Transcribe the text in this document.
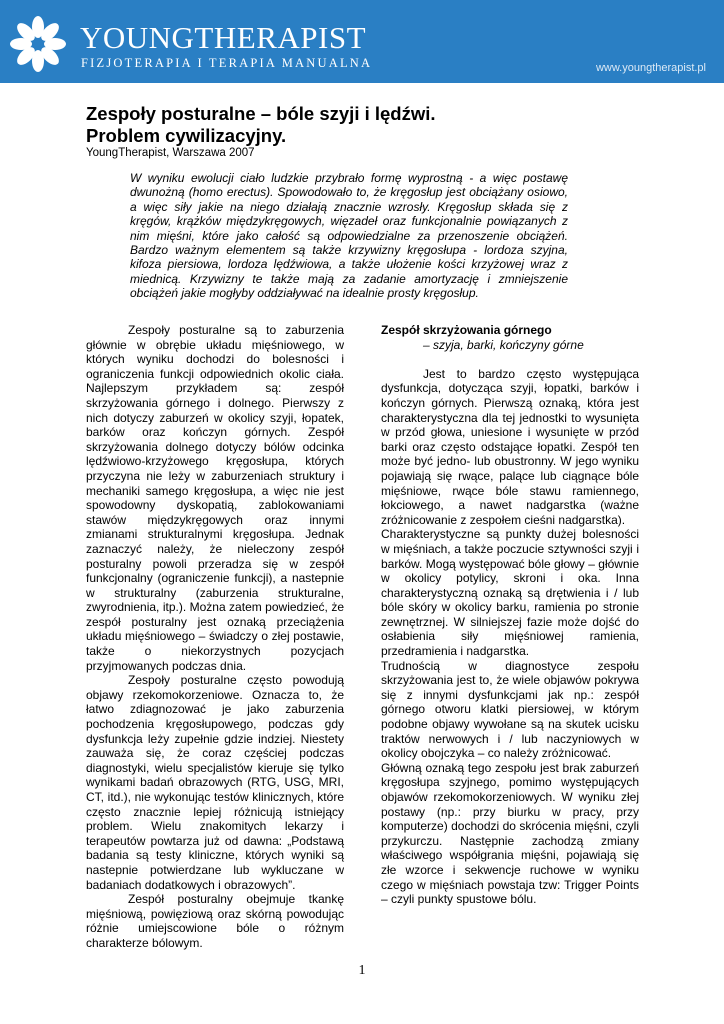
YOUNGTHERAPIST

FIZJOTERAPIA I TERAPIA MANUALNA	www.youngtherapist.pl

Zespoły posturalne – bóle szyji i lędźwi.
Problem cywilizacyjny.

YoungTherapist, Warszawa 2007

W wyniku ewolucji ciało ludzkie przybrało formę wyprostną - a więc postawę dwunożną (homo erectus). Spowodowało to, że kręgosłup jest obciążany osiowo, a więc siły jakie na niego działają znacznie wzrosły. Kręgosłup składa się z kręgów, krążków międzykręgowych, więzadeł oraz funkcjonalnie powiązanych z nim mięśni, które jako całość są odpowiedzialne za przenoszenie obciążeń. Bardzo ważnym elementem są także krzywizny kręgosłupa - lordoza szyjna, kifoza piersiowa, lordoza lędźwiowa, a także ułożenie kości krzyżowej wraz z miednicą. Krzywizny te także mają za zadanie amortyzację i zmniejszenie obciążeń jakie mogłyby oddziaływać na idealnie prosty kręgosłup.

Zespoły posturalne są to zaburzenia głównie w obrębie układu mięśniowego, w których wyniku dochodzi do bolesności i ograniczenia funkcji odpowiednich okolic ciała. Najlepszym przykładem są: zespół skrzyżowania górnego i dolnego. Pierwszy z nich dotyczy zaburzeń w okolicy szyji, łopatek, barków oraz kończyn górnych. Zespół skrzyżowania dolnego dotyczy bólów odcinka lędźwiowo-krzyżowego kręgosłupa, których przyczyna nie leży w zaburzeniach struktury i mechaniki samego kręgosłupa, a więc nie jest spowodowny dyskopatią, zablokowaniami stawów międzykręgowych oraz innymi zmianami strukturalnymi kręgosłupa. Jednak zaznaczyć należy, że nieleczony zespół posturalny powoli przeradza się w zespół funkcjonalny (ograniczenie funkcji), a nastepnie w strukturalny (zaburzenia strukturalne, zwyrodnienia, itp.). Można zatem powiedzieć, że zespół posturalny jest oznaką przeciążenia układu mięśniowego – świadczy o złej postawie, także o niekorzystnych pozycjach przyjmowanych podczas dnia.

Zespoły posturalne często powodują objawy rzekomokorzeniowe. Oznacza to, że łatwo zdiagnozować je jako zaburzenia pochodzenia kręgosłupowego, podczas gdy dysfunkcja leży zupełnie gdzie indziej. Niestety zauważa się, że coraz częściej podczas diagnostyki, wielu specjalistów kieruje się tylko wynikami badań obrazowych (RTG, USG, MRI, CT, itd.), nie wykonując testów klinicznych, które często znacznie lepiej różnicują istniejący problem. Wielu znakomitych lekarzy i terapeutów powtarza już od dawna: „Podstawą badania są testy kliniczne, których wyniki są nastepnie potwierdzane lub wykluczane w badaniach dodatkowych i obrazowych”.

Zespół posturalny obejmuje tkankę mięśniową, powięziową oraz skórną powodując różnie umiejscowione bóle o różnym charakterze bólowym.

Zespół skrzyżowania górnego

– szyja, barki, kończyny górne

Jest to bardzo często występująca dysfunkcja, dotycząca szyji, łopatki, barków i kończyn górnych. Pierwszą oznaką, która jest charakterystyczna dla tej jednostki to wysunięta w przód głowa, uniesione i wysunięte w przód barki oraz często odstające łopatki. Zespół ten może być jedno- lub obustronny. W jego wyniku pojawiają się rwące, palące lub ciągnące bóle mięśniowe, rwące bóle stawu ramiennego, łokciowego, a nawet nadgarstka (ważne zróżnicowanie z zespołem cieśni nadgarstka).

Charakterystyczne są punkty dużej bolesności w mięśniach, a także poczucie sztywności szyji i barków. Mogą występować bóle głowy – głównie w okolicy potylicy, skroni i oka. Inna charakterystyczną oznaką są drętwienia i / lub bóle skóry w okolicy barku, ramienia po stronie zewnętrznej. W silniejszej fazie może dojść do osłabienia siły mięśniowej ramienia, przedramienia i nadgarstka.

Trudnością w diagnostyce zespołu skrzyżowania jest to, że wiele objawów pokrywa się z innymi dysfunkcjami jak np.: zespół górnego otworu klatki piersiowej, w którym podobne objawy wywołane są na skutek ucisku traktów nerwowych i / lub naczyniowych w okolicy obojczyka – co należy zróżnicować.

Główną oznaką tego zespołu jest brak zaburzeń kręgosłupa szyjnego, pomimo występujących objawów rzekomokorzeniowych. W wyniku złej postawy (np.: przy biurku w pracy, przy komputerze) dochodzi do skrócenia mięśni, czyli przykurczu. Następnie zachodzą zmiany właściwego współgrania mięśni, pojawiają się złe wzorce i sekwencje ruchowe w wyniku czego w mięśniach powstaja tzw: Trigger Points – czyli punkty spustowe bólu.

1
